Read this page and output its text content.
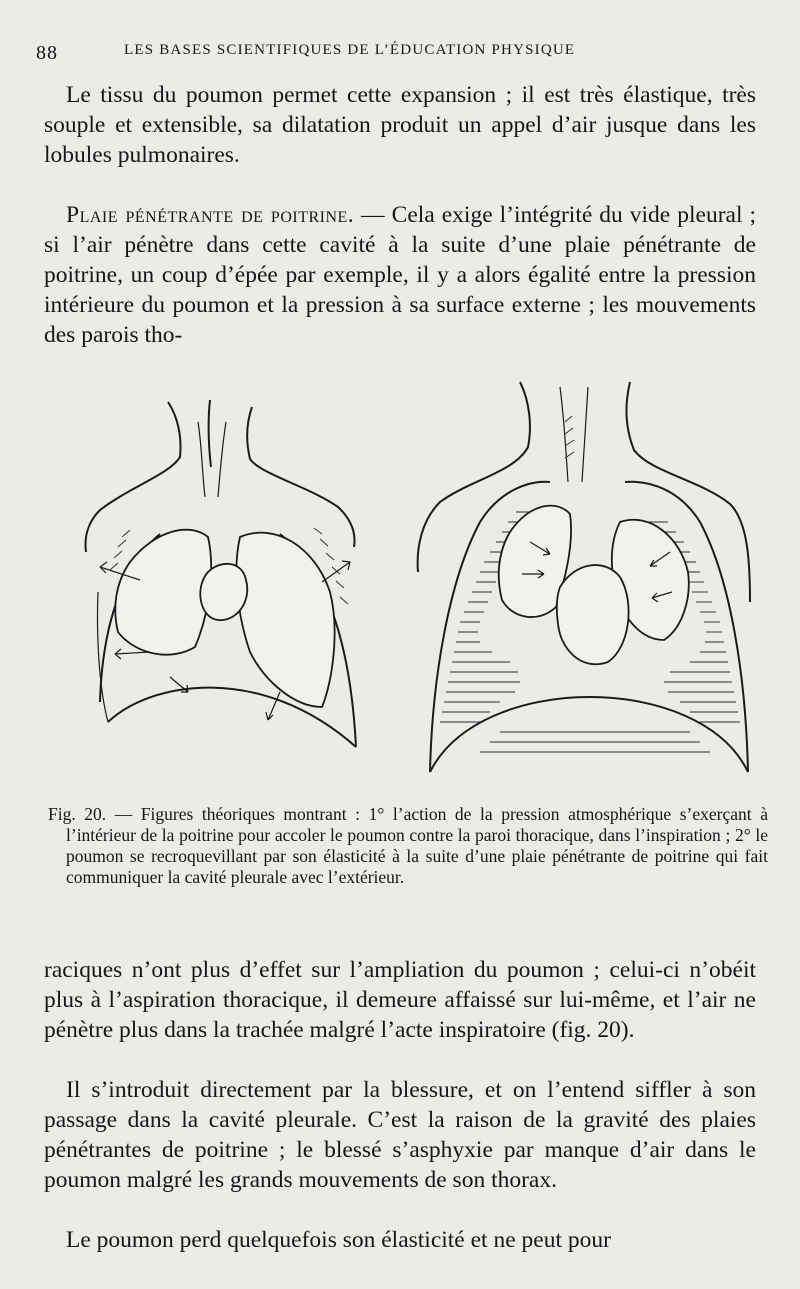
88	LES BASES SCIENTIFIQUES DE L’ÉDUCATION PHYSIQUE

Le tissu du poumon permet cette expansion ; il est très élastique, très souple et extensible, sa dilatation produit un appel d’air jusque dans les lobules pulmonaires.

Plaie pénétrante de poitrine. — Cela exige l’intégrité du vide pleural ; si l’air pénètre dans cette cavité à la suite d’une plaie pénétrante de poitrine, un coup d’épée par exemple, il y a alors égalité entre la pression intérieure du poumon et la pression à sa surface externe ; les mouvements des parois tho-

Fig. 20. — Figures théoriques montrant : 1° l’action de la pression atmosphérique s’exerçant à l’intérieur de la poitrine pour accoler le poumon contre la paroi thoracique, dans l’inspiration ; 2° le poumon se recroquevillant par son élasticité à la suite d’une plaie pénétrante de poitrine qui fait communiquer la cavité pleurale avec l’extérieur.

raciques n’ont plus d’effet sur l’ampliation du poumon ; celui-ci n’obéit plus à l’aspiration thoracique, il demeure affaissé sur lui-même, et l’air ne pénètre plus dans la trachée malgré l’acte inspiratoire (fig. 20).

Il s’introduit directement par la blessure, et on l’entend siffler à son passage dans la cavité pleurale. C’est la raison de la gravité des plaies pénétrantes de poitrine ; le blessé s’asphyxie par manque d’air dans le poumon malgré les grands mouvements de son thorax.

Le poumon perd quelquefois son élasticité et ne peut pour
